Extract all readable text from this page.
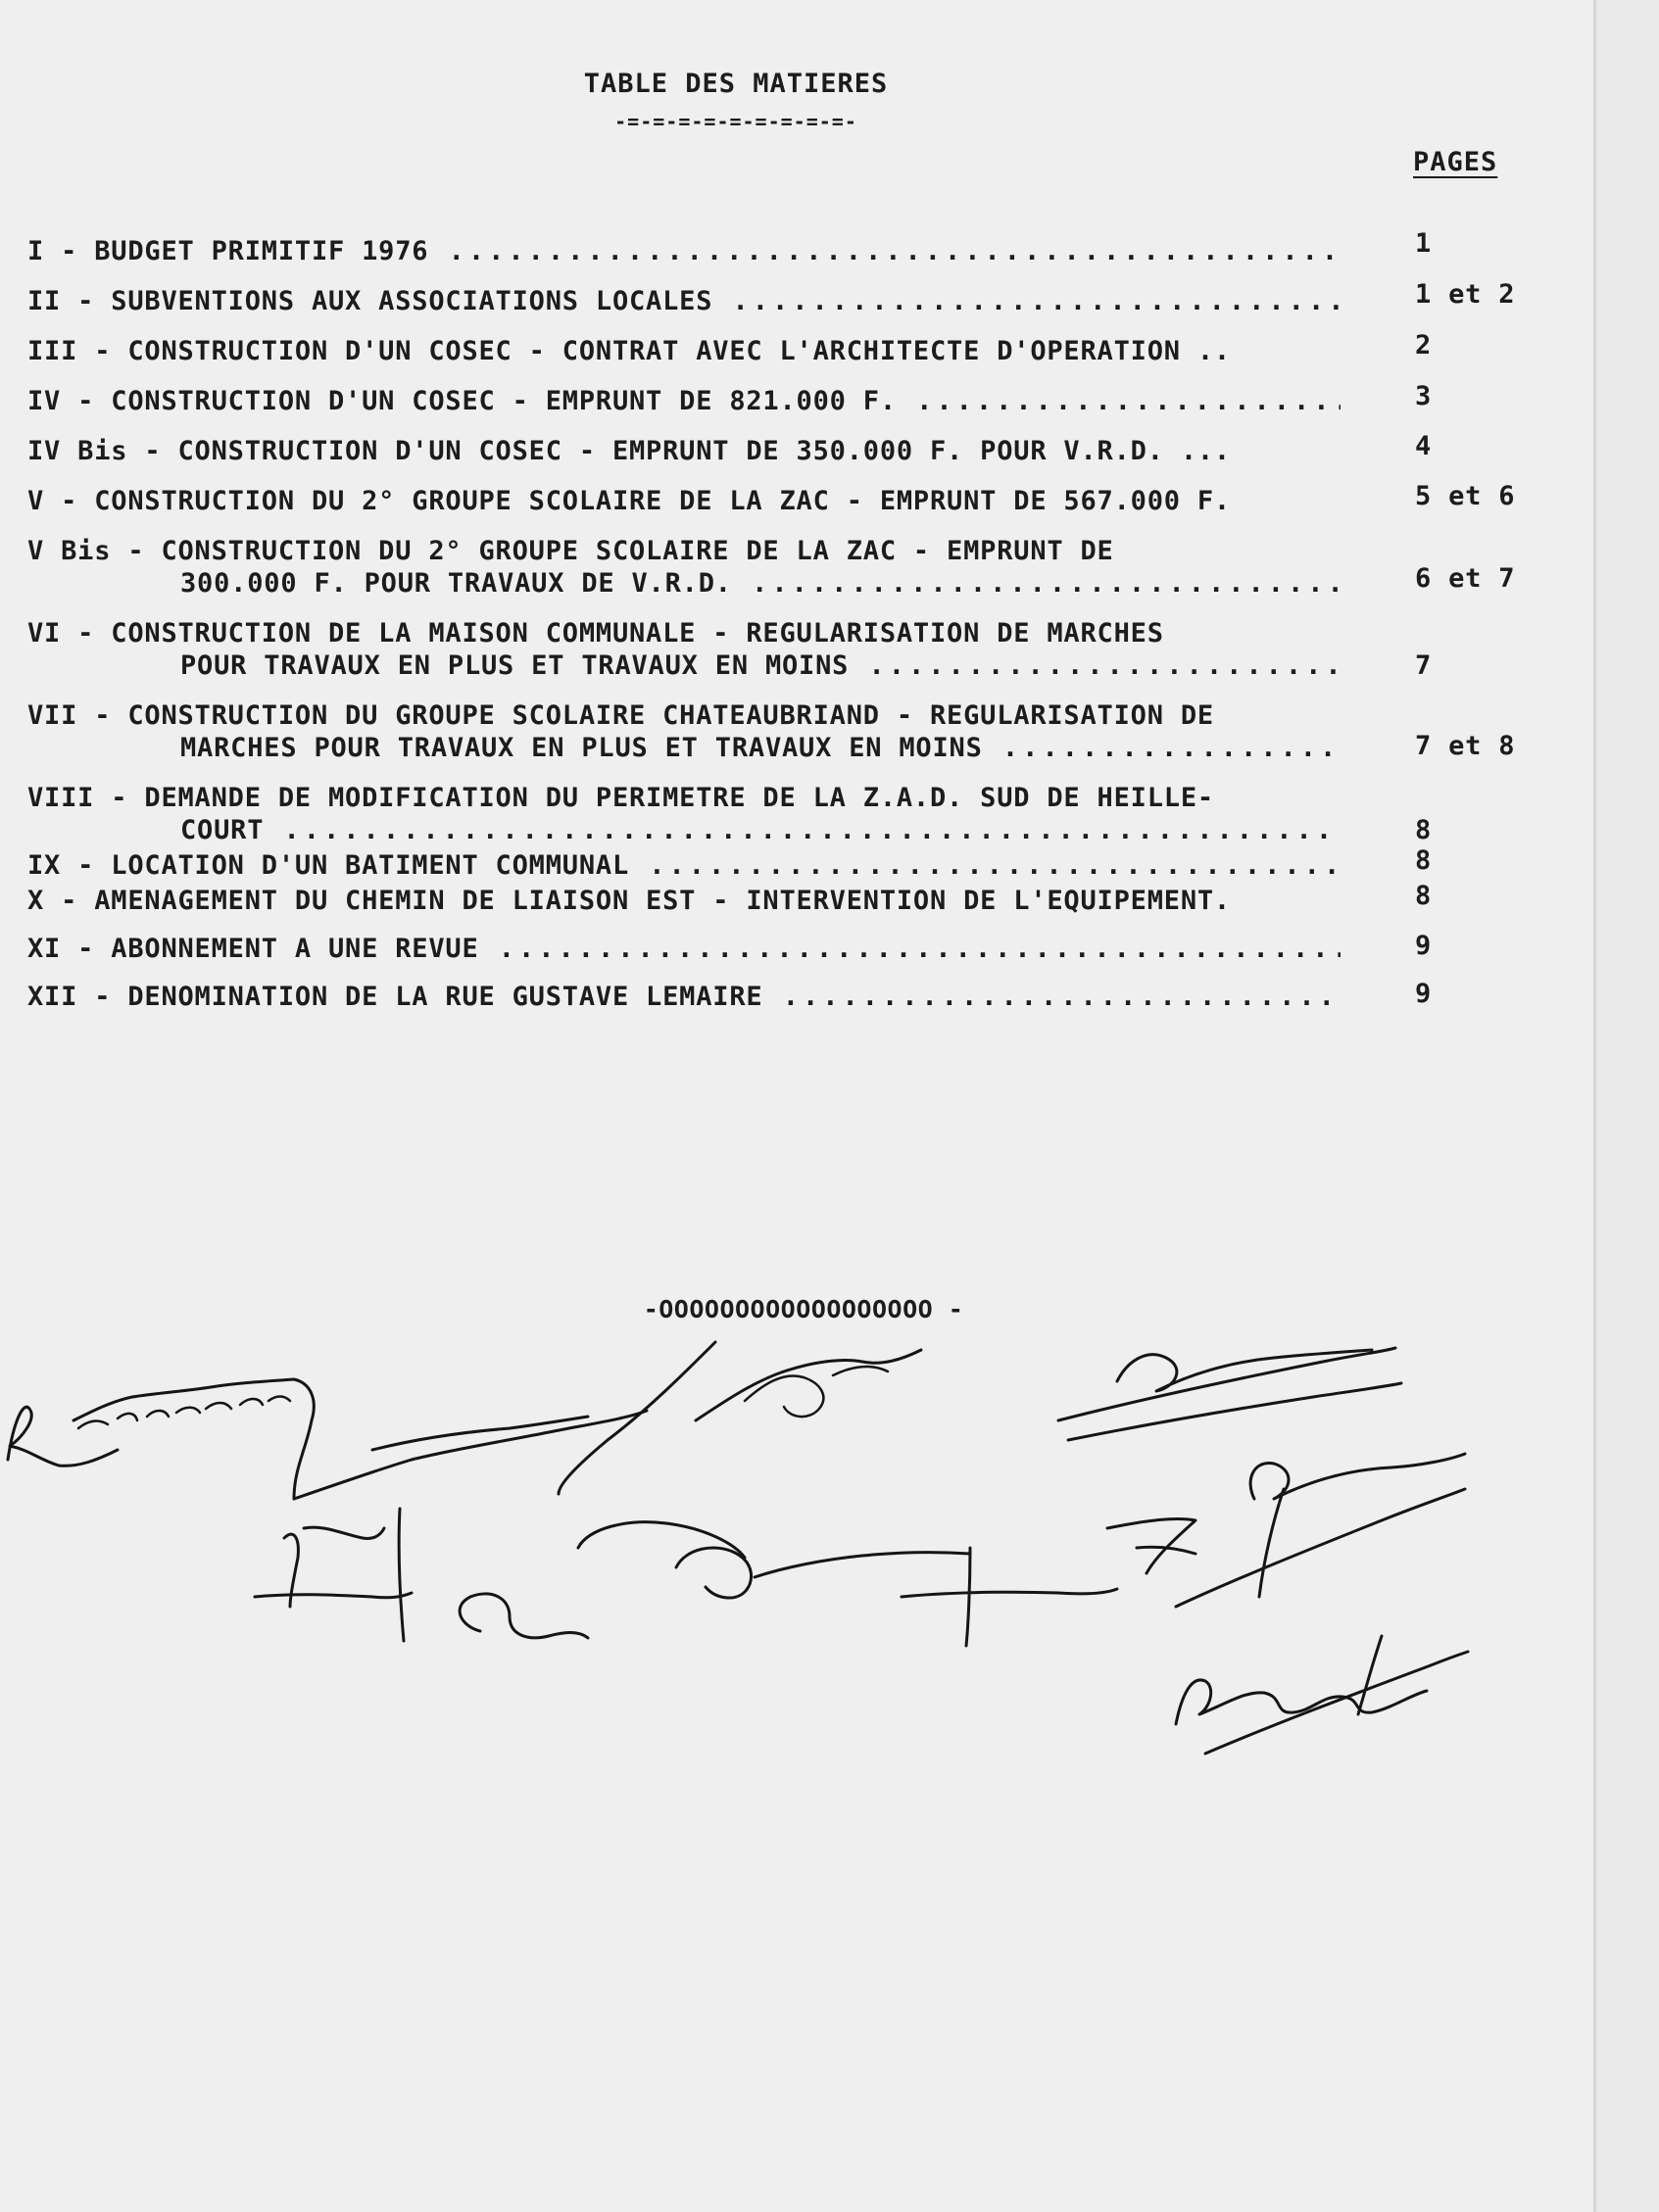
TABLE DES MATIERES
-=-=-=-=-=-=-=-=-=-
PAGES
I - BUDGET PRIMITIF 1976 .....	1
II - SUBVENTIONS AUX ASSOCIATIONS LOCALES .....	1 et 2
III - CONSTRUCTION D'UN COSEC - CONTRAT AVEC L'ARCHITECTE D'OPERATION ..	2
IV - CONSTRUCTION D'UN COSEC - EMPRUNT DE 821.000 F. .....	3
IV Bis - CONSTRUCTION D'UN COSEC - EMPRUNT DE 350.000 F. POUR V.R.D. ...	4
V - CONSTRUCTION DU 2° GROUPE SCOLAIRE DE LA ZAC - EMPRUNT DE 567.000 F.	5 et 6
V Bis - CONSTRUCTION DU 2° GROUPE SCOLAIRE DE LA ZAC - EMPRUNT DE
300.000 F. POUR TRAVAUX DE V.R.D. .....	6 et 7
VI - CONSTRUCTION DE LA MAISON COMMUNALE - REGULARISATION DE MARCHES
POUR TRAVAUX EN PLUS ET TRAVAUX EN MOINS .....	7
VII - CONSTRUCTION DU GROUPE SCOLAIRE CHATEAUBRIAND - REGULARISATION DE
MARCHES POUR TRAVAUX EN PLUS ET TRAVAUX EN MOINS .....	7 et 8
VIII - DEMANDE DE MODIFICATION DU PERIMETRE DE LA Z.A.D. SUD DE HEILLE-
COURT .....	8
IX - LOCATION D'UN BATIMENT COMMUNAL .....	8
X - AMENAGEMENT DU CHEMIN DE LIAISON EST - INTERVENTION DE L'EQUIPEMENT.	8
XI - ABONNEMENT A UNE REVUE .....	9
XII - DENOMINATION DE LA RUE GUSTAVE LEMAIRE .....	9
-OOOOOOOOOOOOOOOOOO -
